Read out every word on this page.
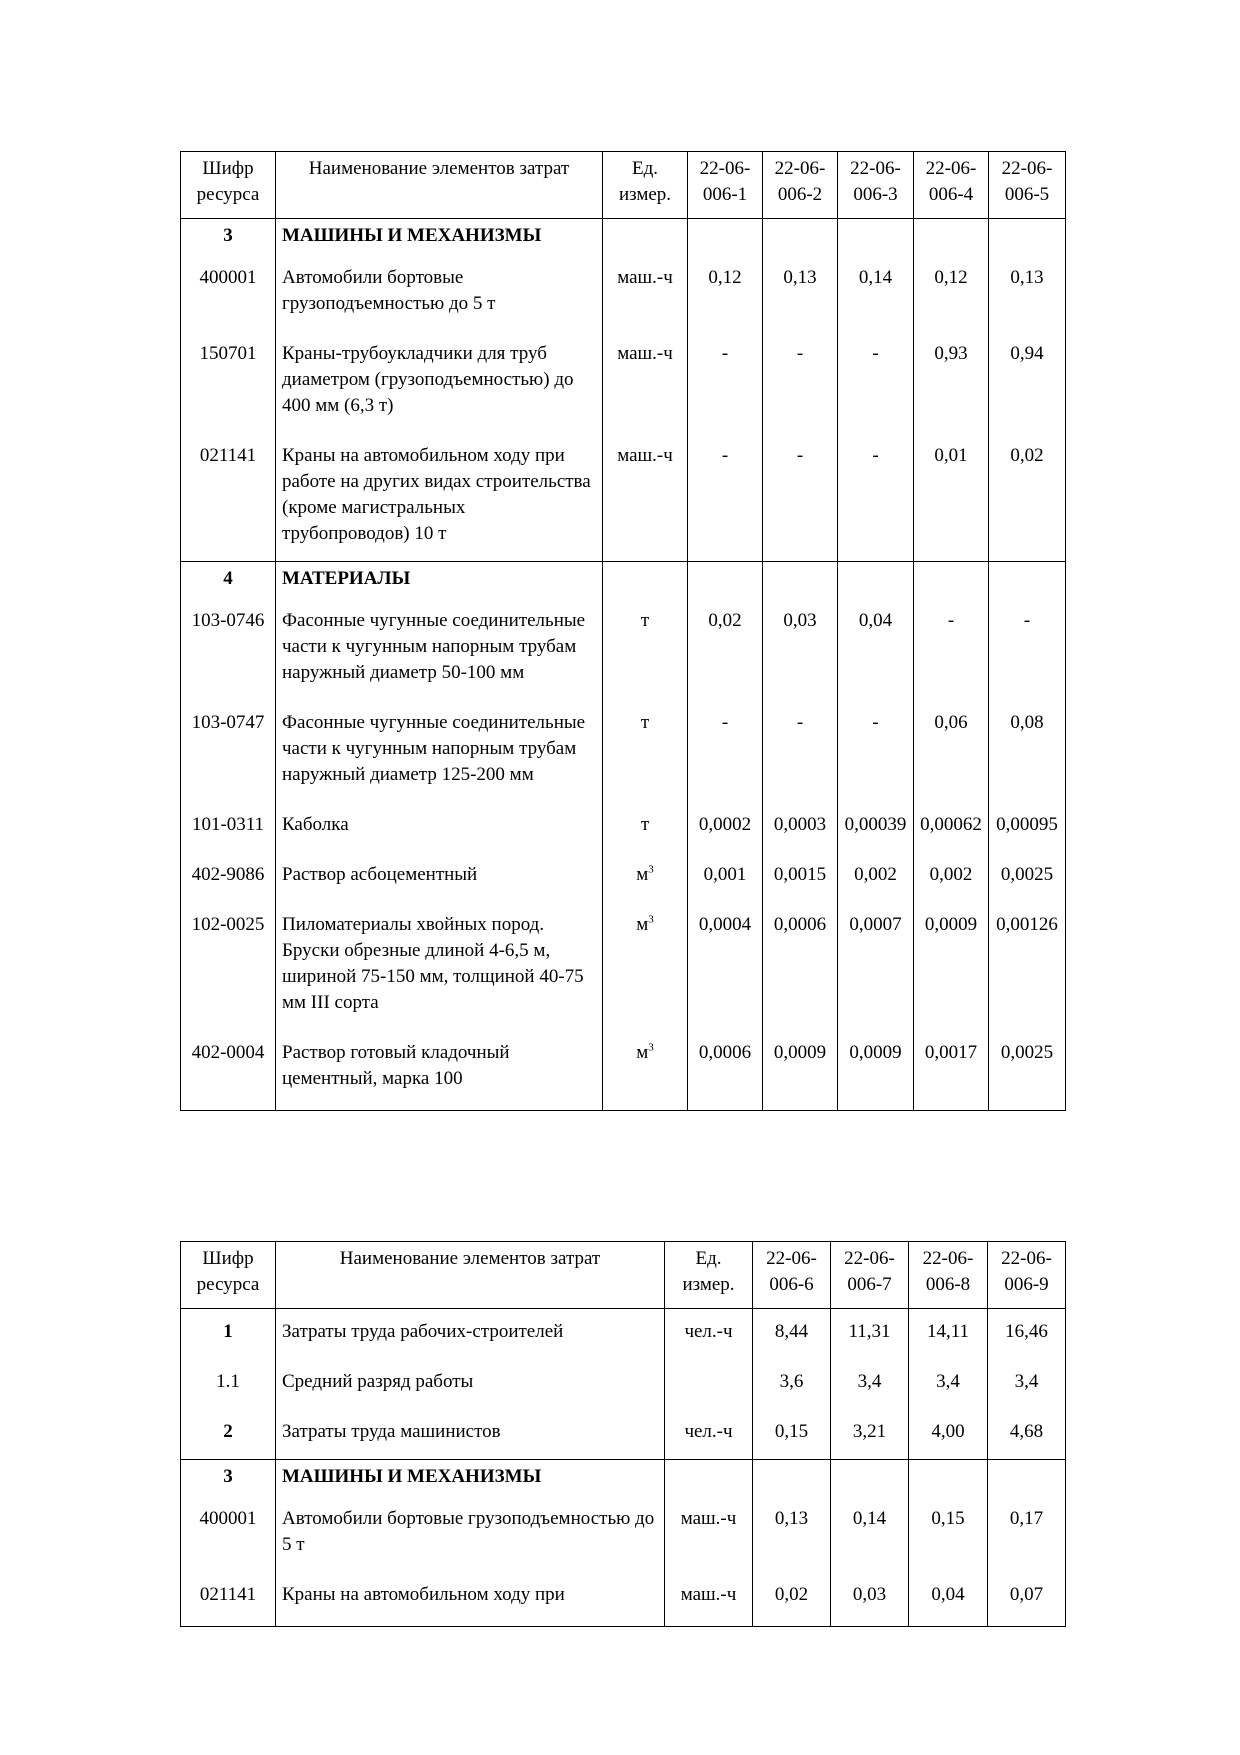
Шифр ресурса	Наименование элементов затрат	Ед. измер.	22-06-006-1	22-06-006-2	22-06-006-3	22-06-006-4	22-06-006-5
3	МАШИНЫ И МЕХАНИЗМЫ						
400001	Автомобили бортовые грузоподъемностью до 5 т	маш.-ч	0,12	0,13	0,14	0,12	0,13
150701	Краны-трубоукладчики для труб диаметром (грузоподъемностью) до 400 мм (6,3 т)	маш.-ч	-	-	-	0,93	0,94
021141	Краны на автомобильном ходу при работе на других видах строительства (кроме магистральных трубопроводов) 10 т	маш.-ч	-	-	-	0,01	0,02
4	МАТЕРИАЛЫ						
103-0746	Фасонные чугунные соединительные части к чугунным напорным трубам наружный диаметр 50-100 мм	т	0,02	0,03	0,04	-	-
103-0747	Фасонные чугунные соединительные части к чугунным напорным трубам наружный диаметр 125-200 мм	т	-	-	-	0,06	0,08
101-0311	Каболка	т	0,0002	0,0003	0,00039	0,00062	0,00095
402-9086	Раствор асбоцементный	$м^3$	0,001	0,0015	0,002	0,002	0,0025
102-0025	Пиломатериалы хвойных пород. Бруски обрезные длиной 4-6,5 м, шириной 75-150 мм, толщиной 40-75 мм III сорта	$м^3$	0,0004	0,0006	0,0007	0,0009	0,00126
402-0004	Раствор готовый кладочный цементный, марка 100	$м^3$	0,0006	0,0009	0,0009	0,0017	0,0025
Шифр ресурса	Наименование элементов затрат	Ед. измер.	22-06-006-6	22-06-006-7	22-06-006-8	22-06-006-9
1	Затраты труда рабочих-строителей	чел.-ч	8,44	11,31	14,11	16,46
1.1	Средний разряд работы		3,6	3,4	3,4	3,4
2	Затраты труда машинистов	чел.-ч	0,15	3,21	4,00	4,68
3	МАШИНЫ И МЕХАНИЗМЫ					
400001	Автомобили бортовые грузоподъемностью до 5 т	маш.-ч	0,13	0,14	0,15	0,17
021141	Краны на автомобильном ходу при	маш.-ч	0,02	0,03	0,04	0,07
